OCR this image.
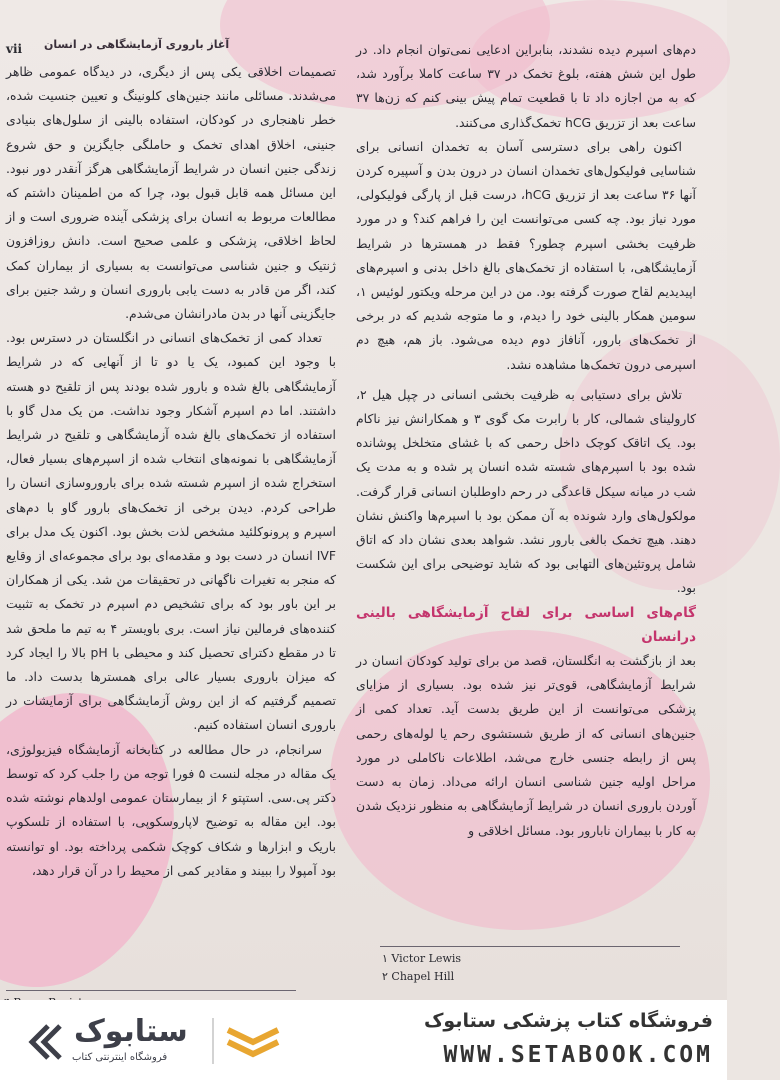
vii آغاز باروری آزمایشگاهی در انسان	دم‌های اسپرم دیده نشدند، بنابراین ادعایی نمی‌توان انجام داد. در طول این شش هفته، بلوغ تخمک در ۳۷ ساعت کاملا برآورد شد، که به من اجازه داد تا با قطعیت تمام پیش بینی کنم که زن‌ها ۳۷ ساعت بعد از تزریق hCG تخمک‌گذاری می‌کنند.

اکنون راهی برای دسترسی آسان به تخمدان انسانی برای شناسایی فولیکول‌های تخمدان انسان در درون بدن و آسپیره کردن آنها ۳۶ ساعت بعد از تزریق hCG، درست قبل از پارگی فولیکولی، مورد نیاز بود. چه کسی می‌توانست این را فراهم کند؟ و در مورد ظرفیت بخشی اسپرم چطور؟ فقط در همسترها در شرایط آزمایشگاهی، با استفاده از تخمک‌های بالغ داخل بدنی و اسپرم‌های اپیدیدیم لقاح صورت گرفته بود. من در این مرحله ویکتور لوئیس ۱، سومین همکار بالینی خود را دیدم، و ما متوجه شدیم که در برخی از تخمک‌های بارور، آنافاز دوم دیده می‌شود. باز هم، هیچ دم اسپرمی درون تخمک‌ها مشاهده نشد.

تلاش برای دستیابی به ظرفیت بخشی انسانی در چپل هیل ۲، کارولینای شمالی، کار با رابرت مک گوی ۳ و همکارانش نیز ناکام بود. یک اتاقک کوچک داخل رحمی که با غشای متخلخل پوشانده شده بود با اسپرم‌های شسته شده انسان پر شده و به مدت یک شب در میانه سیکل قاعدگی در رحم داوطلبان انسانی قرار گرفت. مولکول‌های وارد شونده به آن ممکن بود با اسپرم‌ها واکنش نشان دهند. هیچ تخمک بالغی بارور نشد. شواهد بعدی نشان داد که اتاق شامل پروتئین‌های التهابی بود که شاید توضیحی برای این شکست بود.

گام‌های اساسی برای لقاح آزمایشگاهی بالینی درانسان

بعد از بازگشت به انگلستان، قصد من برای تولید کودکان انسان در شرایط آزمایشگاهی، قوی‌تر نیز شده بود. بسیاری از مزایای پزشکی می‌توانست از این طریق بدست آید. تعداد کمی از جنین‌های انسانی که از طریق شستشوی رحم یا لوله‌های رحمی پس از رابطه جنسی خارج می‌شد، اطلاعات ناکاملی در مورد مراحل اولیه جنین شناسی انسان ارائه می‌داد. زمان به دست آوردن باروری انسان در شرایط آزمایشگاهی به منظور نزدیک شدن به کار با بیماران نابارور بود. مسائل اخلاقی و

تصمیمات اخلاقی یکی پس از دیگری، در دیدگاه عمومی ظاهر می‌شدند. مسائلی مانند جنین‌های کلونینگ و تعیین جنسیت شده، خطر ناهنجاری در کودکان، استفاده بالینی از سلول‌های بنیادی جنینی، اخلاق اهدای تخمک و حاملگی جایگزین و حق شروع زندگی جنین انسان در شرایط آزمایشگاهی هرگز آنقدر دور نبود. این مسائل همه قابل قبول بود، چرا که من اطمینان داشتم که مطالعات مربوط به انسان برای پزشکی آینده ضروری است و از لحاظ اخلاقی، پزشکی و علمی صحیح است. دانش روزافزون ژنتیک و جنین شناسی می‌توانست به بسیاری از بیماران کمک کند، اگر من قادر به دست یابی باروری انسان و رشد جنین برای جایگزینی آنها در بدن مادرانشان می‌شدم.

تعداد کمی از تخمک‌های انسانی در انگلستان در دسترس بود. با وجود این کمبود، یک یا دو تا از آنهایی که در شرایط آزمایشگاهی بالغ شده و بارور شده بودند پس از تلقیح دو هسته داشتند. اما دم اسپرم آشکار وجود نداشت. من یک مدل گاو با استفاده از تخمک‌های بالغ شده آزمایشگاهی و تلقیح در شرایط آزمایشگاهی با نمونه‌های انتخاب شده از اسپرم‌های بسیار فعال، استخراج شده از اسپرم شسته شده برای باروروسازی انسان را طراحی کردم. دیدن برخی از تخمک‌های بارور گاو با دم‌های اسپرم و پرونوکلئید مشخص لذت بخش بود. اکنون یک مدل برای IVF انسان در دست بود و مقدمه‌ای بود برای مجموعه‌ای از وقایع که منجر به تغیرات ناگهانی در تحقیقات من شد. یکی از همکاران بر این باور بود که برای تشخیص دم اسپرم در تخمک به تثبیت کننده‌های فرمالین نیاز است. بری باویستر ۴ به تیم ما ملحق شد تا در مقطع دکترای تحصیل کند و محیطی با pH بالا را ایجاد کرد که میزان باروری بسیار عالی برای همسترها بدست داد. ما تصمیم گرفتیم که از این روش آزمایشگاهی برای آزمایشات در باروری انسان استفاده کنیم.

سرانجام، در حال مطالعه در کتابخانه آزمایشگاه فیزیولوژی، یک مقاله در مجله لنست ۵ فورا توجه من را جلب کرد که توسط دکتر پی.سی. استپتو ۶ از بیمارستان عمومی اولدهام نوشته شده بود. این مقاله به توضیح لاپاروسکوپی، با استفاده از تلسکوپ باریک و ابزارها و شکاف کوچک شکمی پرداخته بود. او توانسته بود آمپولا را ببیند و مقادیر کمی از محیط را در آن قرار دهد،

۱ Victor Lewis
۲ Chapel Hill
ستابوک
فروشگاه اینترنتی کتاب
فروشگاه کتاب پزشکی ستابوک
WWW.SETABOOK.COM
